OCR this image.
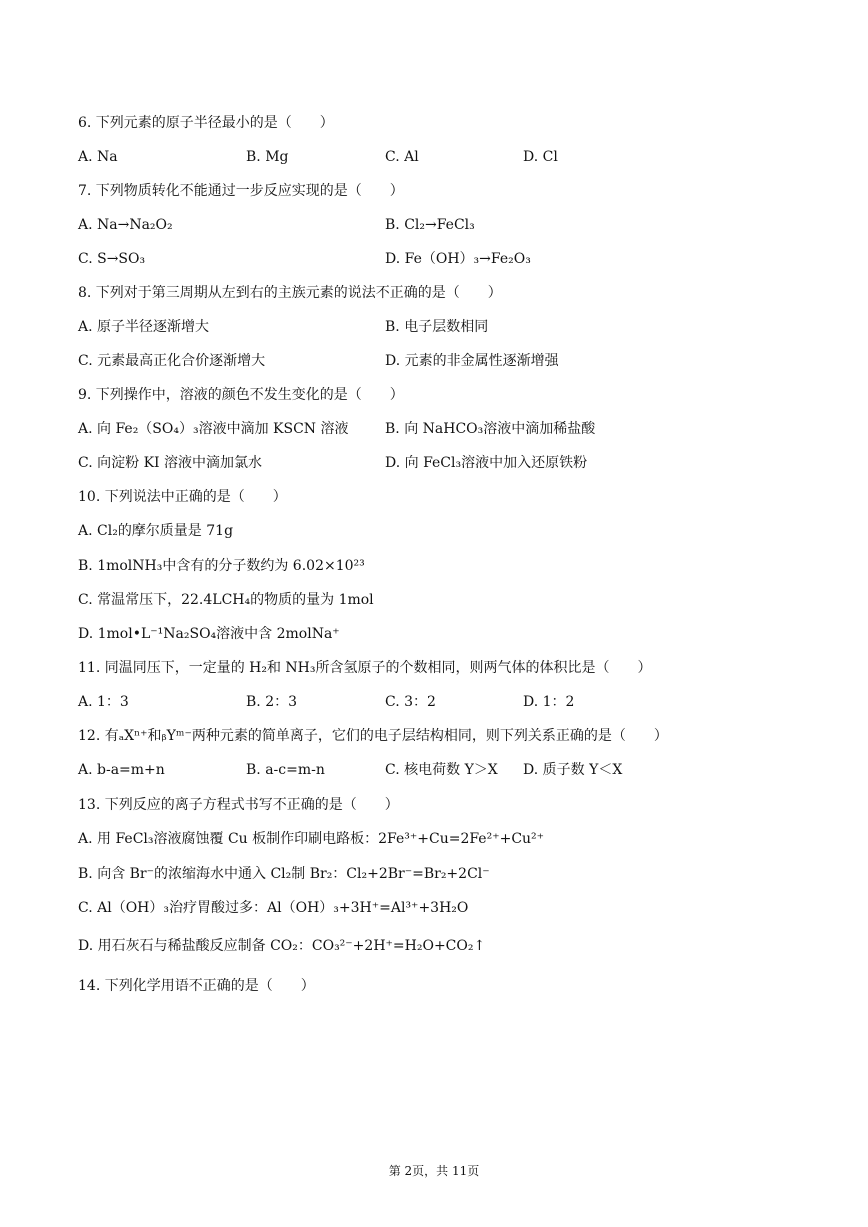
6. 下列元素的原子半径最小的是（　　）
A. Na	B. Mg	C. Al	D. Cl
7. 下列物质转化不能通过一步反应实现的是（　　）
A. Na→Na₂O₂	B. Cl₂→FeCl₃
C. S→SO₃	D. Fe（OH）₃→Fe₂O₃
8. 下列对于第三周期从左到右的主族元素的说法不正确的是（　　）
A. 原子半径逐渐增大	B. 电子层数相同
C. 元素最高正化合价逐渐增大	D. 元素的非金属性逐渐增强
9. 下列操作中，溶液的颜色不发生变化的是（　　）
A. 向 Fe₂（SO₄）₃溶液中滴加 KSCN 溶液	B. 向 NaHCO₃溶液中滴加稀盐酸
C. 向淀粉 KI 溶液中滴加氯水	D. 向 FeCl₃溶液中加入还原铁粉
10. 下列说法中正确的是（　　）
A. Cl₂的摩尔质量是 71g
B. 1molNH₃中含有的分子数约为 6.02×10²³
C. 常温常压下，22.4LCH₄的物质的量为 1mol
D. 1mol•L⁻¹Na₂SO₄溶液中含 2molNa⁺
11. 同温同压下，一定量的 H₂和 NH₃所含氢原子的个数相同，则两气体的体积比是（　　）
A. 1：3	B. 2：3	C. 3：2	D. 1：2
12. 有ₐXⁿ⁺和ᵦYᵐ⁻两种元素的简单离子，它们的电子层结构相同，则下列关系正确的是（　　）
A. b-a=m+n	B. a-c=m-n	C. 核电荷数 Y＞X D. 质子数 Y＜X
13. 下列反应的离子方程式书写不正确的是（　　）
A. 用 FeCl₃溶液腐蚀覆 Cu 板制作印刷电路板：2Fe³⁺+Cu=2Fe²⁺+Cu²⁺
B. 向含 Br⁻的浓缩海水中通入 Cl₂制 Br₂：Cl₂+2Br⁻=Br₂+2Cl⁻
C. Al（OH）₃治疗胃酸过多：Al（OH）₃+3H⁺=Al³⁺+3H₂O
D. 用石灰石与稀盐酸反应制备 CO₂：CO₃²⁻+2H⁺=H₂O+CO₂↑
14. 下列化学用语不正确的是（　　）
第 2页，共 11页
